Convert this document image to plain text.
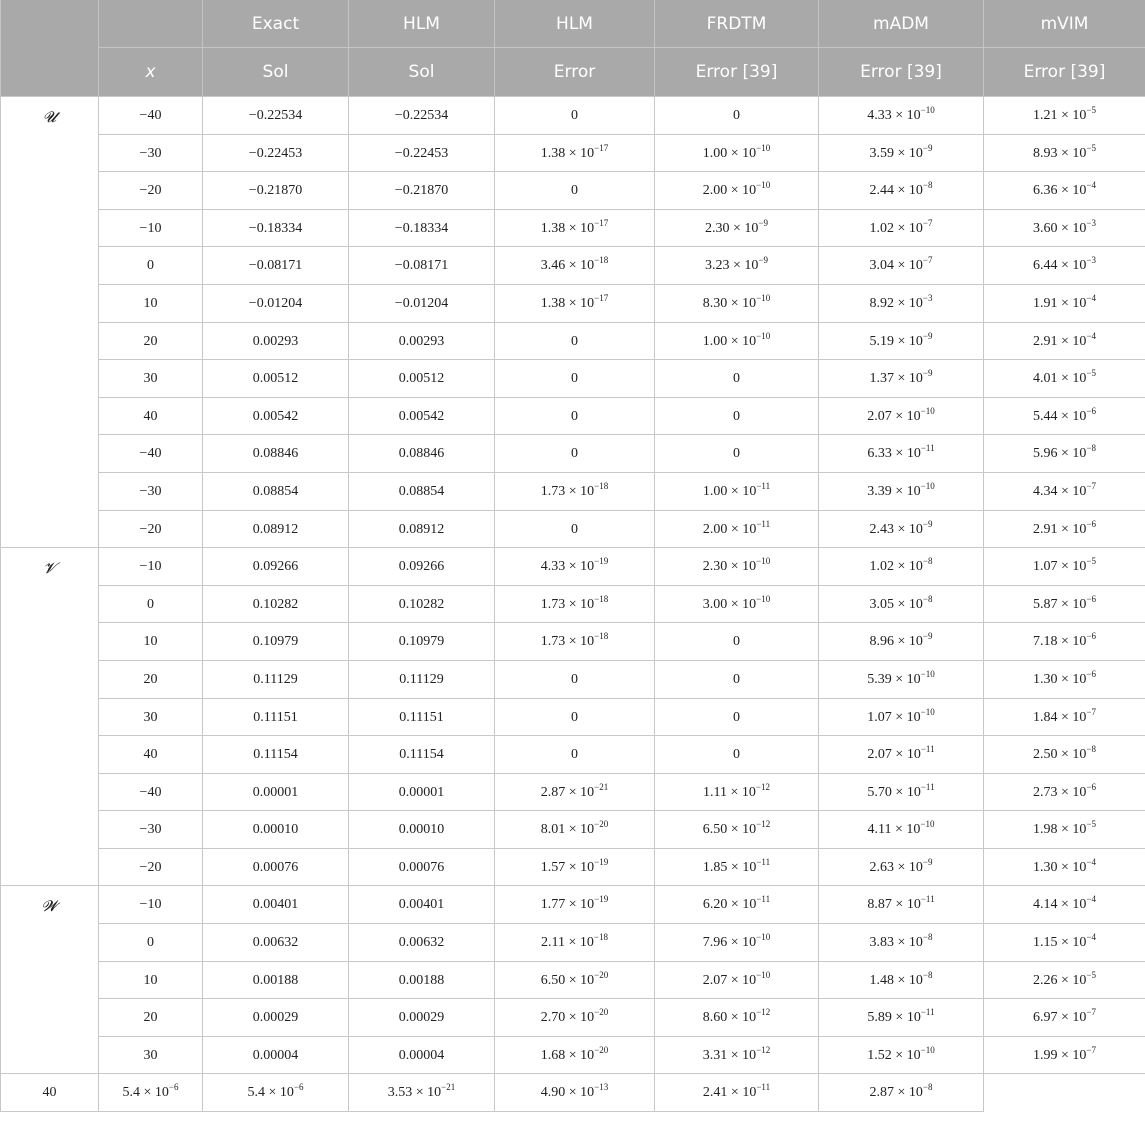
		Exact	HLM	HLM	FRDTM	mADM	mVIM
	x	Sol	Sol	Error	Error [39]	Error [39]	Error [39]
𝓤	−40	−0.22534	−0.22534	0	0	$4.33 \times 10^{-10}$	$1.21 \times 10^{-5}$
	−30	−0.22453	−0.22453	$1.38 \times 10^{-17}$	$1.00 \times 10^{-10}$	$3.59 \times 10^{-9}$	$8.93 \times 10^{-5}$
	−20	−0.21870	−0.21870	0	$2.00 \times 10^{-10}$	$2.44 \times 10^{-8}$	$6.36 \times 10^{-4}$
	−10	−0.18334	−0.18334	$1.38 \times 10^{-17}$	$2.30 \times 10^{-9}$	$1.02 \times 10^{-7}$	$3.60 \times 10^{-3}$
	0	−0.08171	−0.08171	$3.46 \times 10^{-18}$	$3.23 \times 10^{-9}$	$3.04 \times 10^{-7}$	$6.44 \times 10^{-3}$
	10	−0.01204	−0.01204	$1.38 \times 10^{-17}$	$8.30 \times 10^{-10}$	$8.92 \times 10^{-3}$	$1.91 \times 10^{-4}$
	20	0.00293	0.00293	0	$1.00 \times 10^{-10}$	$5.19 \times 10^{-9}$	$2.91 \times 10^{-4}$
	30	0.00512	0.00512	0	0	$1.37 \times 10^{-9}$	$4.01 \times 10^{-5}$
	40	0.00542	0.00542	0	0	$2.07 \times 10^{-10}$	$5.44 \times 10^{-6}$
	−40	0.08846	0.08846	0	0	$6.33 \times 10^{-11}$	$5.96 \times 10^{-8}$
	−30	0.08854	0.08854	$1.73 \times 10^{-18}$	$1.00 \times 10^{-11}$	$3.39 \times 10^{-10}$	$4.34 \times 10^{-7}$
	−20	0.08912	0.08912	0	$2.00 \times 10^{-11}$	$2.43 \times 10^{-9}$	$2.91 \times 10^{-6}$
𝓥	−10	0.09266	0.09266	$4.33 \times 10^{-19}$	$2.30 \times 10^{-10}$	$1.02 \times 10^{-8}$	$1.07 \times 10^{-5}$
	0	0.10282	0.10282	$1.73 \times 10^{-18}$	$3.00 \times 10^{-10}$	$3.05 \times 10^{-8}$	$5.87 \times 10^{-6}$
	10	0.10979	0.10979	$1.73 \times 10^{-18}$	0	$8.96 \times 10^{-9}$	$7.18 \times 10^{-6}$
	20	0.11129	0.11129	0	0	$5.39 \times 10^{-10}$	$1.30 \times 10^{-6}$
	30	0.11151	0.11151	0	0	$1.07 \times 10^{-10}$	$1.84 \times 10^{-7}$
	40	0.11154	0.11154	0	0	$2.07 \times 10^{-11}$	$2.50 \times 10^{-8}$
	−40	0.00001	0.00001	$2.87 \times 10^{-21}$	$1.11 \times 10^{-12}$	$5.70 \times 10^{-11}$	$2.73 \times 10^{-6}$
	−30	0.00010	0.00010	$8.01 \times 10^{-20}$	$6.50 \times 10^{-12}$	$4.11 \times 10^{-10}$	$1.98 \times 10^{-5}$
	−20	0.00076	0.00076	$1.57 \times 10^{-19}$	$1.85 \times 10^{-11}$	$2.63 \times 10^{-9}$	$1.30 \times 10^{-4}$
𝓦	−10	0.00401	0.00401	$1.77 \times 10^{-19}$	$6.20 \times 10^{-11}$	$8.87 \times 10^{-11}$	$4.14 \times 10^{-4}$
	0	0.00632	0.00632	$2.11 \times 10^{-18}$	$7.96 \times 10^{-10}$	$3.83 \times 10^{-8}$	$1.15 \times 10^{-4}$
	10	0.00188	0.00188	$6.50 \times 10^{-20}$	$2.07 \times 10^{-10}$	$1.48 \times 10^{-8}$	$2.26 \times 10^{-5}$
	20	0.00029	0.00029	$2.70 \times 10^{-20}$	$8.60 \times 10^{-12}$	$5.89 \times 10^{-11}$	$6.97 \times 10^{-7}$
	30	0.00004	0.00004	$1.68 \times 10^{-20}$	$3.31 \times 10^{-12}$	$1.52 \times 10^{-10}$	$1.99 \times 10^{-7}$
40	$5.4 \times 10^{-6}$	$5.4 \times 10^{-6}$	$3.53 \times 10^{-21}$	$4.90 \times 10^{-13}$	$2.41 \times 10^{-11}$	$2.87 \times 10^{-8}$
